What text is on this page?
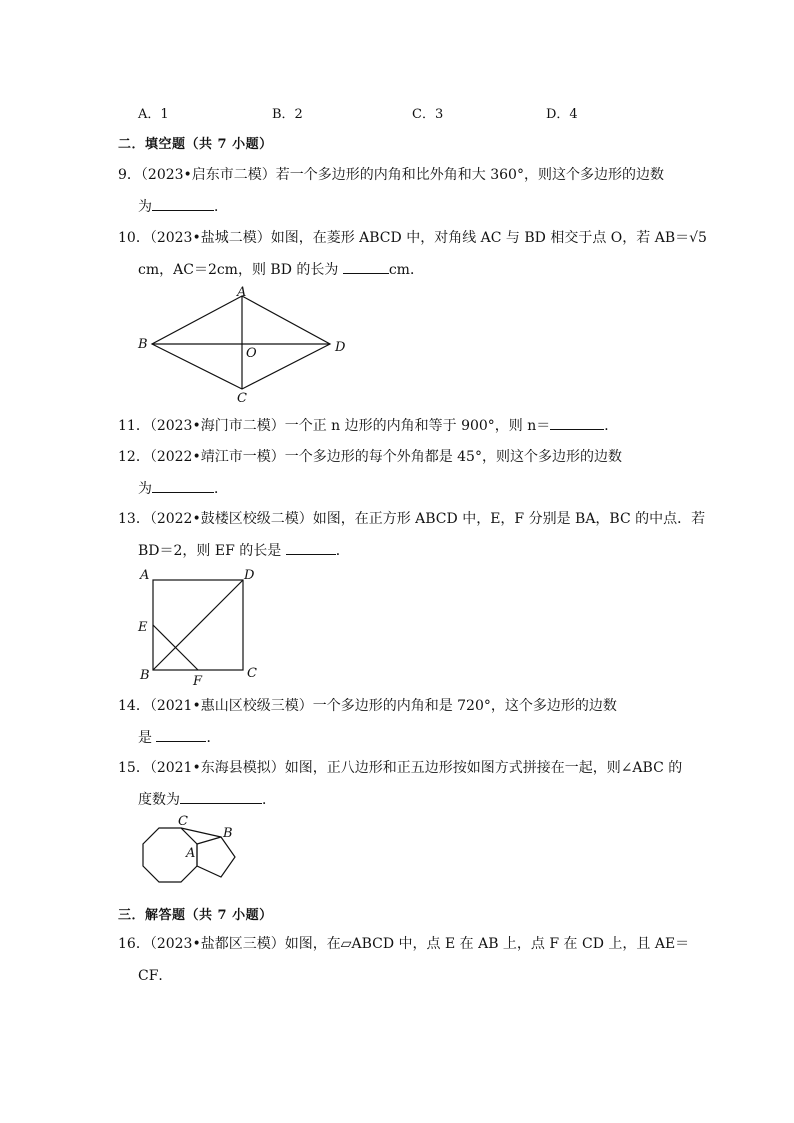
A．1	B．2	C．3	D．4
二．填空题（共 7 小题）
9．（2023•启东市二模）若一个多边形的内角和比外角和大 360°，则这个多边形的边数
为	．
10．（2023•盐城二模）如图，在菱形 ABCD 中，对角线 AC 与 BD 相交于点 O，若 AB＝√5
cm，AC＝2cm，则 BD 的长为	cm．
A
B
C
D
O
11．（2023•海门市二模）一个正 n 边形的内角和等于 900°，则 n＝	．
12．（2022•靖江市一模）一个多边形的每个外角都是 45°，则这个多边形的边数
为	．
13．（2022•鼓楼区校级二模）如图，在正方形 ABCD 中，E，F 分别是 BA，BC 的中点．若
BD＝2，则 EF 的长是	．
A	D
E
B	C
F
14．（2021•惠山区校级三模）一个多边形的内角和是 720°，这个多边形的边数
是	．
15．（2021•东海县模拟）如图，正八边形和正五边形按如图方式拼接在一起，则∠ABC 的
度数为	．
C
B
A
三．解答题（共 7 小题）
16．（2023•盐都区三模）如图，在▱ABCD 中，点 E 在 AB 上，点 F 在 CD 上，且 AE＝
CF．
